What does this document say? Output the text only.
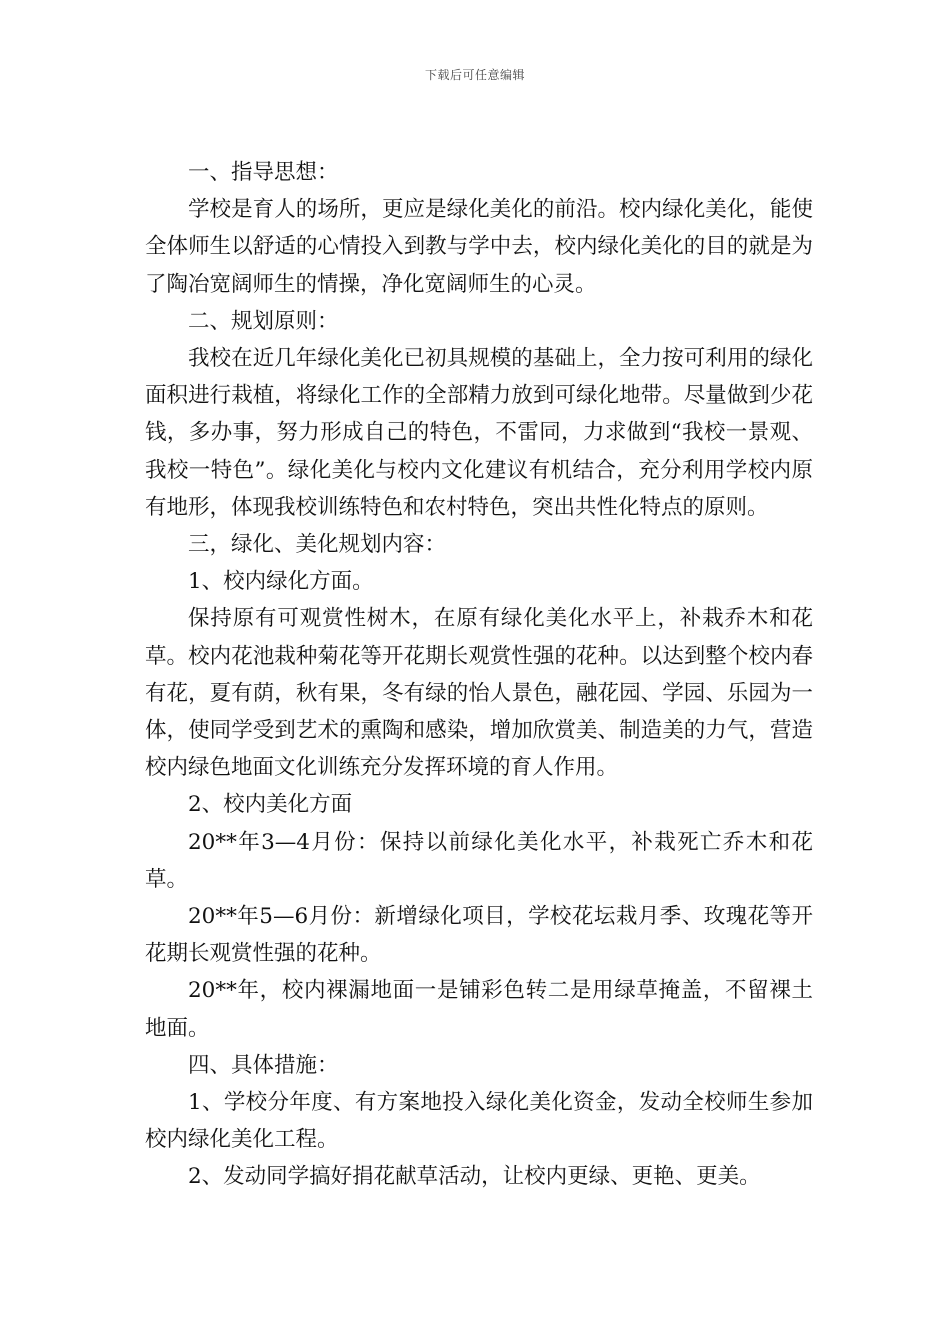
下载后可任意编辑

一、指导思想：

学校是育人的场所，更应是绿化美化的前沿。校内绿化美化，能使全体师生以舒适的心情投入到教与学中去，校内绿化美化的目的就是为了陶冶宽阔师生的情操，净化宽阔师生的心灵。

二、规划原则：

我校在近几年绿化美化已初具规模的基础上，全力按可利用的绿化面积进行栽植，将绿化工作的全部精力放到可绿化地带。尽量做到少花钱，多办事，努力形成自己的特色，不雷同，力求做到“我校一景观、我校一特色”。绿化美化与校内文化建议有机结合，充分利用学校内原有地形，体现我校训练特色和农村特色，突出共性化特点的原则。

三，绿化、美化规划内容：

1、校内绿化方面。

保持原有可观赏性树木，在原有绿化美化水平上，补栽乔木和花草。校内花池栽种菊花等开花期长观赏性强的花种。以达到整个校内春有花，夏有荫，秋有果，冬有绿的怡人景色，融花园、学园、乐园为一体，使同学受到艺术的熏陶和感染，增加欣赏美、制造美的力气，营造校内绿色地面文化训练充分发挥环境的育人作用。

2、校内美化方面

20**年3—4月份：保持以前绿化美化水平，补栽死亡乔木和花草。

20**年5—6月份：新增绿化项目，学校花坛栽月季、玫瑰花等开花期长观赏性强的花种。

20**年，校内裸漏地面一是铺彩色转二是用绿草掩盖，不留裸土地面。

四、具体措施：

1、学校分年度、有方案地投入绿化美化资金，发动全校师生参加校内绿化美化工程。

2、发动同学搞好捐花献草活动，让校内更绿、更艳、更美。
